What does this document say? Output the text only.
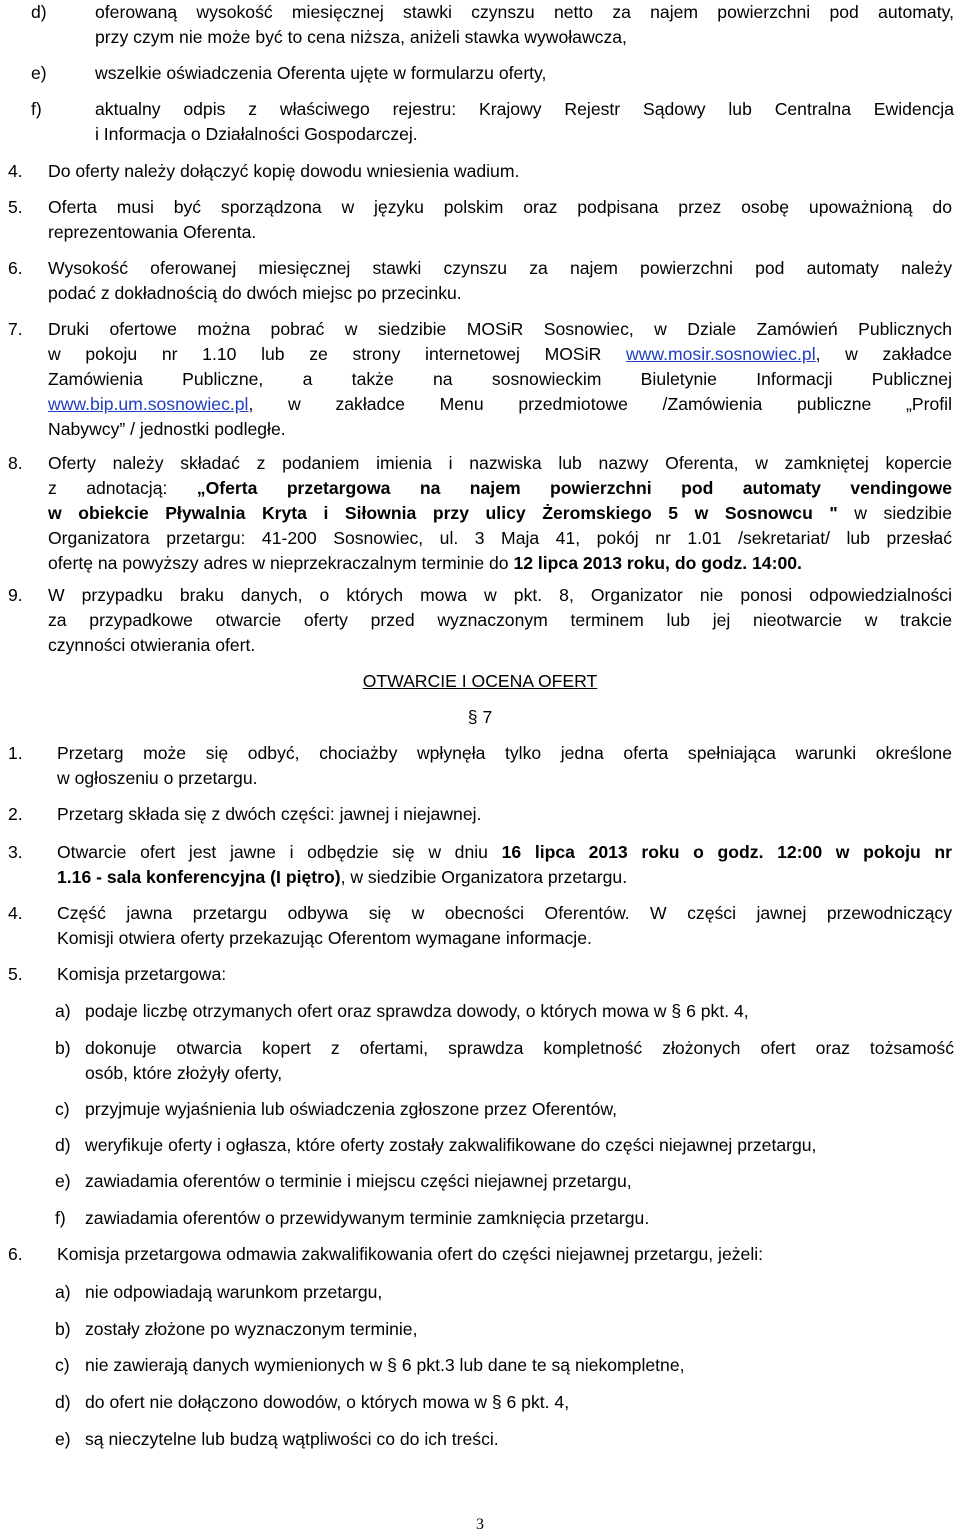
d)	oferowaną wysokość miesięcznej stawki czynszu netto za najem powierzchni pod automaty,
przy czym nie może być to cena niższa, aniżeli stawka wywoławcza,
e)	wszelkie oświadczenia Oferenta ujęte w formularzu oferty,
f)	aktualny odpis z właściwego rejestru: Krajowy Rejestr Sądowy lub Centralna Ewidencja
i Informacja o Działalności Gospodarczej.
4. Do oferty należy dołączyć kopię dowodu wniesienia wadium.
5. Oferta musi być sporządzona w języku polskim oraz podpisana przez osobę upoważnioną do
reprezentowania Oferenta.
6. Wysokość oferowanej miesięcznej stawki czynszu za najem powierzchni pod automaty należy
podać z dokładnością do dwóch miejsc po przecinku.
7. Druki ofertowe można pobrać w siedzibie MOSiR Sosnowiec, w Dziale Zamówień Publicznych
w pokoju nr 1.10 lub ze strony internetowej MOSiR www.mosir.sosnowiec.pl, w zakładce
Zamówienia Publiczne, a także na sosnowieckim Biuletynie Informacji Publicznej
www.bip.um.sosnowiec.pl, w zakładce Menu przedmiotowe /Zamówienia publiczne „Profil
Nabywcy” / jednostki podległe.
8. Oferty należy składać z podaniem imienia i nazwiska lub nazwy Oferenta, w zamkniętej kopercie
z adnotacją: „Oferta przetargowa na najem powierzchni pod automaty vendingowe
w obiekcie Pływalnia Kryta i Siłownia przy ulicy Żeromskiego 5 w Sosnowcu " w siedzibie
Organizatora przetargu: 41-200 Sosnowiec, ul. 3 Maja 41, pokój nr 1.01 /sekretariat/ lub przesłać
ofertę na powyższy adres w nieprzekraczalnym terminie do 12 lipca 2013 roku, do godz. 14:00.
9. W przypadku braku danych, o których mowa w pkt. 8, Organizator nie ponosi odpowiedzialności
za przypadkowe otwarcie oferty przed wyznaczonym terminem lub jej nieotwarcie w trakcie
czynności otwierania ofert.
OTWARCIE I OCENA OFERT
§ 7
1. Przetarg może się odbyć, chociażby wpłynęła tylko jedna oferta spełniająca warunki określone
w ogłoszeniu o przetargu.
2. Przetarg składa się z dwóch części: jawnej i niejawnej.
3. Otwarcie ofert jest jawne i odbędzie się w dniu 16 lipca 2013 roku o godz. 12:00 w pokoju nr
1.16 - sala konferencyjna (I piętro), w siedzibie Organizatora przetargu.
4. Część jawna przetargu odbywa się w obecności Oferentów. W części jawnej przewodniczący
Komisji otwiera oferty przekazując Oferentom wymagane informacje.
5. Komisja przetargowa:
a) podaje liczbę otrzymanych ofert oraz sprawdza dowody, o których mowa w § 6 pkt. 4,
b) dokonuje otwarcia kopert z ofertami, sprawdza kompletność złożonych ofert oraz tożsamość
osób, które złożyły oferty,
c) przyjmuje wyjaśnienia lub oświadczenia zgłoszone przez Oferentów,
d) weryfikuje oferty i ogłasza, które oferty zostały zakwalifikowane do części niejawnej przetargu,
e) zawiadamia oferentów o terminie i miejscu części niejawnej przetargu,
f) zawiadamia oferentów o przewidywanym terminie zamknięcia przetargu.
6. Komisja przetargowa odmawia zakwalifikowania ofert do części niejawnej przetargu, jeżeli:
a) nie odpowiadają warunkom przetargu,
b) zostały złożone po wyznaczonym terminie,
c) nie zawierają danych wymienionych w § 6 pkt.3 lub dane te są niekompletne,
d) do ofert nie dołączono dowodów, o których mowa w § 6 pkt. 4,
e) są nieczytelne lub budzą wątpliwości co do ich treści.
3
